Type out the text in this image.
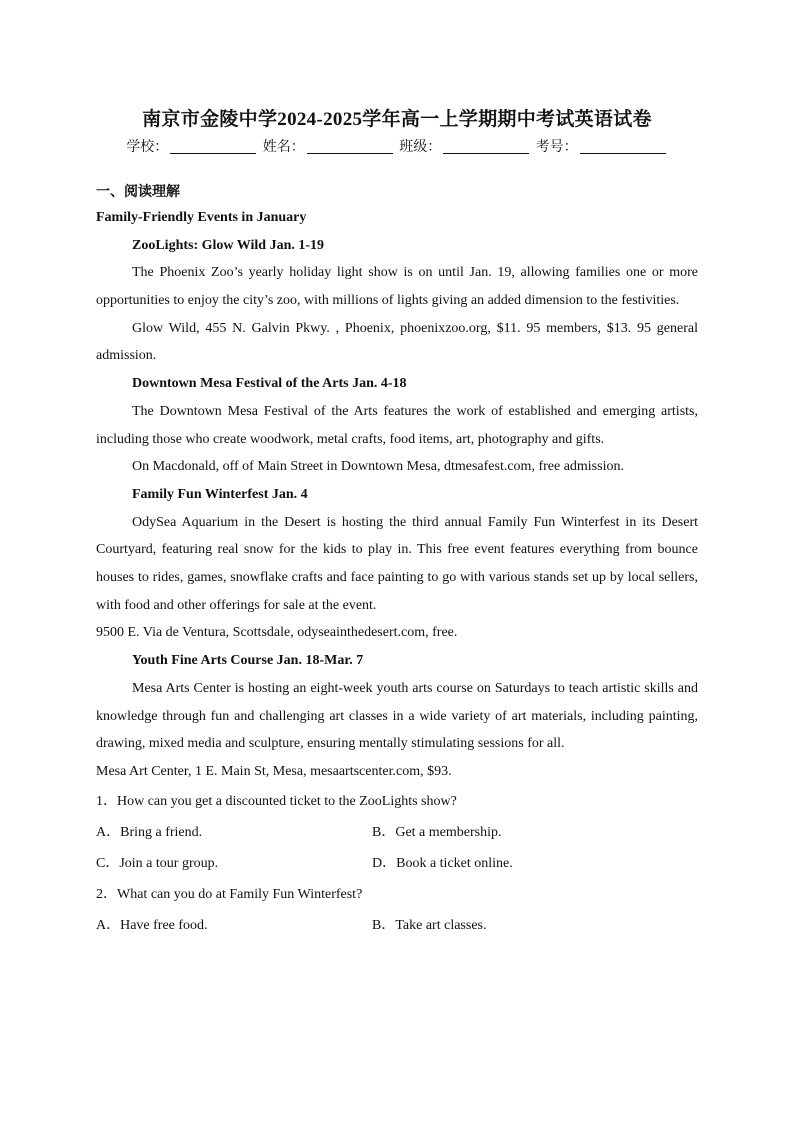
南京市金陵中学2024-2025学年高一上学期期中考试英语试卷
学校：	姓名：	班级：	考号：
一、阅读理解
Family-Friendly Events in January
ZooLights: Glow Wild Jan. 1-19

The Phoenix Zoo’s yearly holiday light show is on until Jan. 19, allowing families one or more opportunities to enjoy the city’s zoo, with millions of lights giving an added dimension to the festivities.

Glow Wild, 455 N. Galvin Pkwy. , Phoenix, phoenixzoo.org, $11. 95 members, $13. 95 general admission.

Downtown Mesa Festival of the Arts Jan. 4-18

The Downtown Mesa Festival of the Arts features the work of established and emerging artists, including those who create woodwork, metal crafts, food items, art, photography and gifts.

On Macdonald, off of Main Street in Downtown Mesa, dtmesafest.com, free admission.

Family Fun Winterfest Jan. 4

OdySea Aquarium in the Desert is hosting the third annual Family Fun Winterfest in its Desert Courtyard, featuring real snow for the kids to play in. This free event features everything from bounce houses to rides, games, snowflake crafts and face painting to go with various stands set up by local sellers, with food and other offerings for sale at the event.

9500 E. Via de Ventura, Scottsdale, odyseainthedesert.com, free.

Youth Fine Arts Course Jan. 18-Mar. 7

Mesa Arts Center is hosting an eight-week youth arts course on Saturdays to teach artistic skills and knowledge through fun and challenging art classes in a wide variety of art materials, including painting, drawing, mixed media and sculpture, ensuring mentally stimulating sessions for all.

Mesa Art Center, 1 E. Main St, Mesa, mesaartscenter.com, $93.

1．How can you get a discounted ticket to the ZooLights show?
A．Bring a friend.	B．Get a membership.
C．Join a tour group.	D．Book a ticket online.
2．What can you do at Family Fun Winterfest?
A．Have free food.	B．Take art classes.
